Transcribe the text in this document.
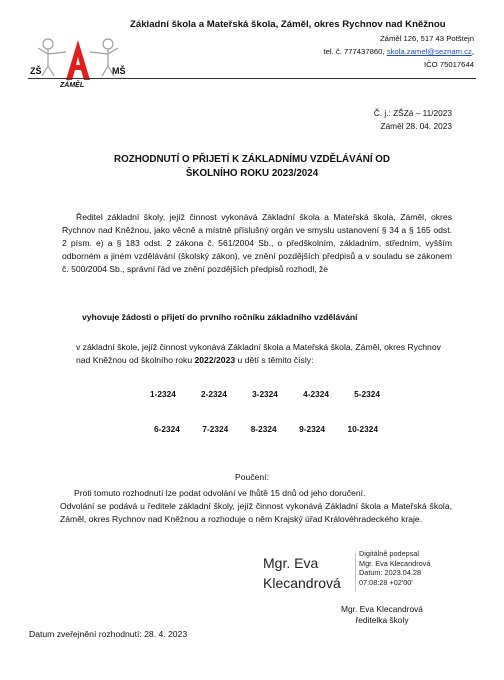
ZŠ	MŠ
ZÁMĚL
Základní škola a Mateřská škola, Záměl, okres Rychnov nad Kněžnou
Záměl 126, 517 43 Potštejn
tel. č. 777437860, skola.zamel@seznam.cz,
IČO 75017644
Č. j.: ZŠZá – 11/2023
Záměl 28. 04. 2023
ROZHODNUTÍ O PŘIJETÍ K ZÁKLADNÍMU VZDĚLÁVÁNÍ OD
ŠKOLNÍHO ROKU 2023/2024
Ředitel základní školy, jejíž činnost vykonává Základní škola a Mateřská škola, Záměl, okres Rychnov nad Kněžnou, jako věcně a místně příslušný orgán ve smyslu ustanovení § 34 a § 165 odst. 2 písm. e) a § 183 odst. 2 zákona č. 561/2004 Sb., o předškolním, základním, středním, vyšším odborném a jiném vzdělávání (školský zákon), ve znění pozdějších předpisů a v souladu se zákonem č. 500/2004 Sb., správní řád ve znění pozdějších předpisů rozhodl, že
vyhovuje žádosti o přijetí do prvního ročníku základního vzdělávání
v základní škole, jejíž činnost vykonává Základní škola a Mateřská škola, Záměl, okres Rychnov nad Kněžnou od školního roku 2022/2023 u dětí s těmito čísly:
1-2324	2-2324	3-2324	4-2324	5-2324
6-2324	7-2324	8-2324	9-2324	10-2324
Poučení:
Proti tomuto rozhodnutí lze podat odvolání ve lhůtě 15 dnů od jeho doručení.
Odvolání se podává u ředitele základní školy, jejíž činnost vykonává Základní škola a Mateřská škola, Záměl, okres Rychnov nad Kněžnou a rozhoduje o něm Krajský úřad Královéhradeckého kraje.
Mgr. Eva
Klecandrová
Digitálně podepsal
Mgr. Eva Klecandrová
Datum: 2023.04.28
07:08:28 +02'00'
Mgr. Eva Klecandrová
ředitelka školy
Datum zveřejnění rozhodnutí: 28. 4. 2023
